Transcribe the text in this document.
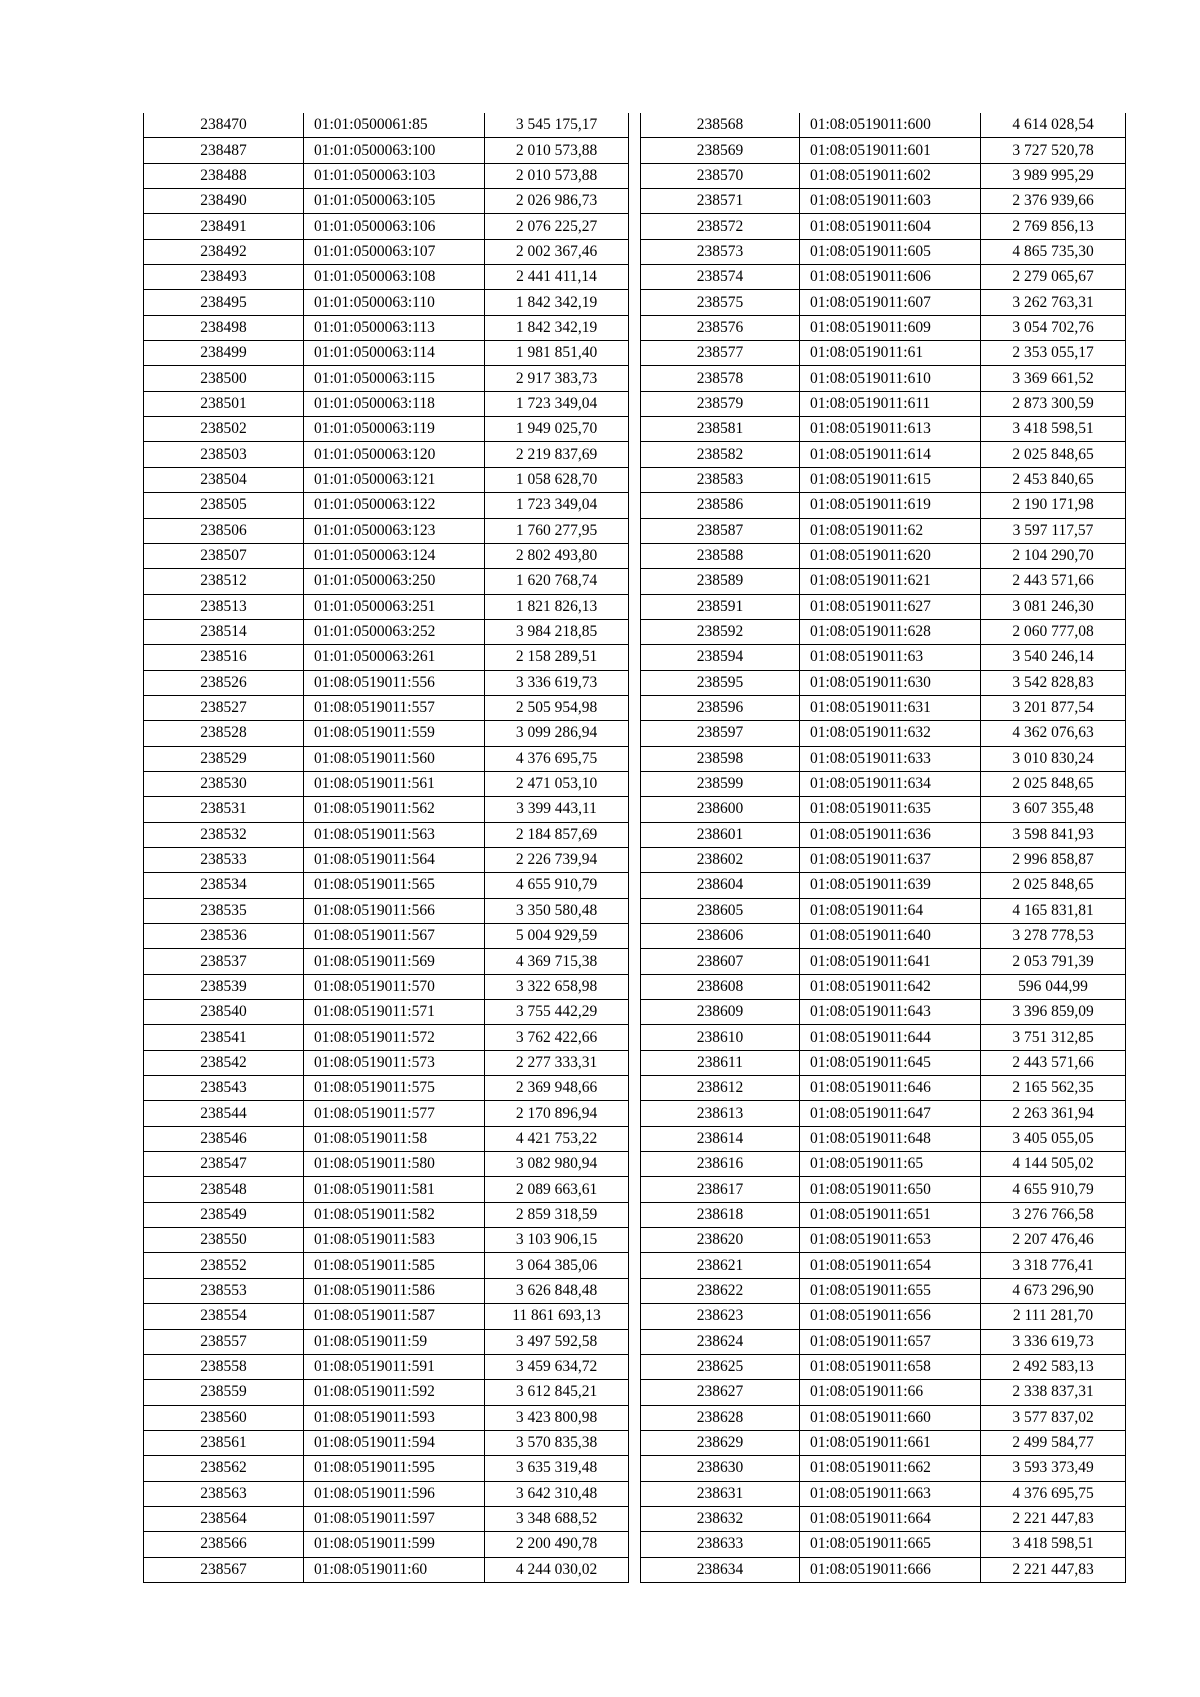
238470	01:01:0500061:85	3 545 175,17
238487	01:01:0500063:100	2 010 573,88
238488	01:01:0500063:103	2 010 573,88
238490	01:01:0500063:105	2 026 986,73
238491	01:01:0500063:106	2 076 225,27
238492	01:01:0500063:107	2 002 367,46
238493	01:01:0500063:108	2 441 411,14
238495	01:01:0500063:110	1 842 342,19
238498	01:01:0500063:113	1 842 342,19
238499	01:01:0500063:114	1 981 851,40
238500	01:01:0500063:115	2 917 383,73
238501	01:01:0500063:118	1 723 349,04
238502	01:01:0500063:119	1 949 025,70
238503	01:01:0500063:120	2 219 837,69
238504	01:01:0500063:121	1 058 628,70
238505	01:01:0500063:122	1 723 349,04
238506	01:01:0500063:123	1 760 277,95
238507	01:01:0500063:124	2 802 493,80
238512	01:01:0500063:250	1 620 768,74
238513	01:01:0500063:251	1 821 826,13
238514	01:01:0500063:252	3 984 218,85
238516	01:01:0500063:261	2 158 289,51
238526	01:08:0519011:556	3 336 619,73
238527	01:08:0519011:557	2 505 954,98
238528	01:08:0519011:559	3 099 286,94
238529	01:08:0519011:560	4 376 695,75
238530	01:08:0519011:561	2 471 053,10
238531	01:08:0519011:562	3 399 443,11
238532	01:08:0519011:563	2 184 857,69
238533	01:08:0519011:564	2 226 739,94
238534	01:08:0519011:565	4 655 910,79
238535	01:08:0519011:566	3 350 580,48
238536	01:08:0519011:567	5 004 929,59
238537	01:08:0519011:569	4 369 715,38
238539	01:08:0519011:570	3 322 658,98
238540	01:08:0519011:571	3 755 442,29
238541	01:08:0519011:572	3 762 422,66
238542	01:08:0519011:573	2 277 333,31
238543	01:08:0519011:575	2 369 948,66
238544	01:08:0519011:577	2 170 896,94
238546	01:08:0519011:58	4 421 753,22
238547	01:08:0519011:580	3 082 980,94
238548	01:08:0519011:581	2 089 663,61
238549	01:08:0519011:582	2 859 318,59
238550	01:08:0519011:583	3 103 906,15
238552	01:08:0519011:585	3 064 385,06
238553	01:08:0519011:586	3 626 848,48
238554	01:08:0519011:587	11 861 693,13
238557	01:08:0519011:59	3 497 592,58
238558	01:08:0519011:591	3 459 634,72
238559	01:08:0519011:592	3 612 845,21
238560	01:08:0519011:593	3 423 800,98
238561	01:08:0519011:594	3 570 835,38
238562	01:08:0519011:595	3 635 319,48
238563	01:08:0519011:596	3 642 310,48
238564	01:08:0519011:597	3 348 688,52
238566	01:08:0519011:599	2 200 490,78
238567	01:08:0519011:60	4 244 030,02
238568	01:08:0519011:600	4 614 028,54
238569	01:08:0519011:601	3 727 520,78
238570	01:08:0519011:602	3 989 995,29
238571	01:08:0519011:603	2 376 939,66
238572	01:08:0519011:604	2 769 856,13
238573	01:08:0519011:605	4 865 735,30
238574	01:08:0519011:606	2 279 065,67
238575	01:08:0519011:607	3 262 763,31
238576	01:08:0519011:609	3 054 702,76
238577	01:08:0519011:61	2 353 055,17
238578	01:08:0519011:610	3 369 661,52
238579	01:08:0519011:611	2 873 300,59
238581	01:08:0519011:613	3 418 598,51
238582	01:08:0519011:614	2 025 848,65
238583	01:08:0519011:615	2 453 840,65
238586	01:08:0519011:619	2 190 171,98
238587	01:08:0519011:62	3 597 117,57
238588	01:08:0519011:620	2 104 290,70
238589	01:08:0519011:621	2 443 571,66
238591	01:08:0519011:627	3 081 246,30
238592	01:08:0519011:628	2 060 777,08
238594	01:08:0519011:63	3 540 246,14
238595	01:08:0519011:630	3 542 828,83
238596	01:08:0519011:631	3 201 877,54
238597	01:08:0519011:632	4 362 076,63
238598	01:08:0519011:633	3 010 830,24
238599	01:08:0519011:634	2 025 848,65
238600	01:08:0519011:635	3 607 355,48
238601	01:08:0519011:636	3 598 841,93
238602	01:08:0519011:637	2 996 858,87
238604	01:08:0519011:639	2 025 848,65
238605	01:08:0519011:64	4 165 831,81
238606	01:08:0519011:640	3 278 778,53
238607	01:08:0519011:641	2 053 791,39
238608	01:08:0519011:642	596 044,99
238609	01:08:0519011:643	3 396 859,09
238610	01:08:0519011:644	3 751 312,85
238611	01:08:0519011:645	2 443 571,66
238612	01:08:0519011:646	2 165 562,35
238613	01:08:0519011:647	2 263 361,94
238614	01:08:0519011:648	3 405 055,05
238616	01:08:0519011:65	4 144 505,02
238617	01:08:0519011:650	4 655 910,79
238618	01:08:0519011:651	3 276 766,58
238620	01:08:0519011:653	2 207 476,46
238621	01:08:0519011:654	3 318 776,41
238622	01:08:0519011:655	4 673 296,90
238623	01:08:0519011:656	2 111 281,70
238624	01:08:0519011:657	3 336 619,73
238625	01:08:0519011:658	2 492 583,13
238627	01:08:0519011:66	2 338 837,31
238628	01:08:0519011:660	3 577 837,02
238629	01:08:0519011:661	2 499 584,77
238630	01:08:0519011:662	3 593 373,49
238631	01:08:0519011:663	4 376 695,75
238632	01:08:0519011:664	2 221 447,83
238633	01:08:0519011:665	3 418 598,51
238634	01:08:0519011:666	2 221 447,83
